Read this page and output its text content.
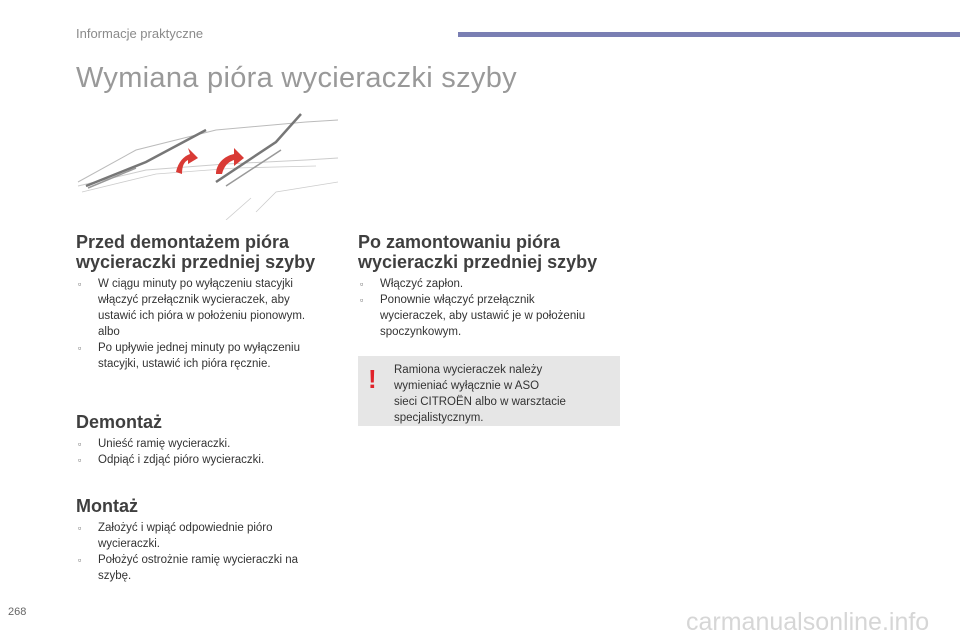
Informacje praktyczne
Wymiana pióra wycieraczki szyby
Przed demontażem pióra
wycieraczki przedniej szyby
▫ W ciągu minuty po wyłączeniu stacyjki
włączyć przełącznik wycieraczek, aby
ustawić ich pióra w położeniu pionowym.
albo
▫ Po upływie jednej minuty po wyłączeniu
stacyjki, ustawić ich pióra ręcznie.
Demontaż
▫ Unieść ramię wycieraczki.
▫ Odpiąć i zdjąć pióro wycieraczki.
Montaż
▫ Założyć i wpiąć odpowiednie pióro
wycieraczki.
▫ Położyć ostrożnie ramię wycieraczki na
szybę.
Po zamontowaniu pióra
wycieraczki przedniej szyby
▫ Włączyć zapłon.
▫ Ponownie włączyć przełącznik
wycieraczek, aby ustawić je w położeniu
spoczynkowym.
! Ramiona wycieraczek należy
wymieniać wyłącznie w ASO
sieci CITROËN albo w warsztacie
specjalistycznym.
268	carmanualsonline.info
